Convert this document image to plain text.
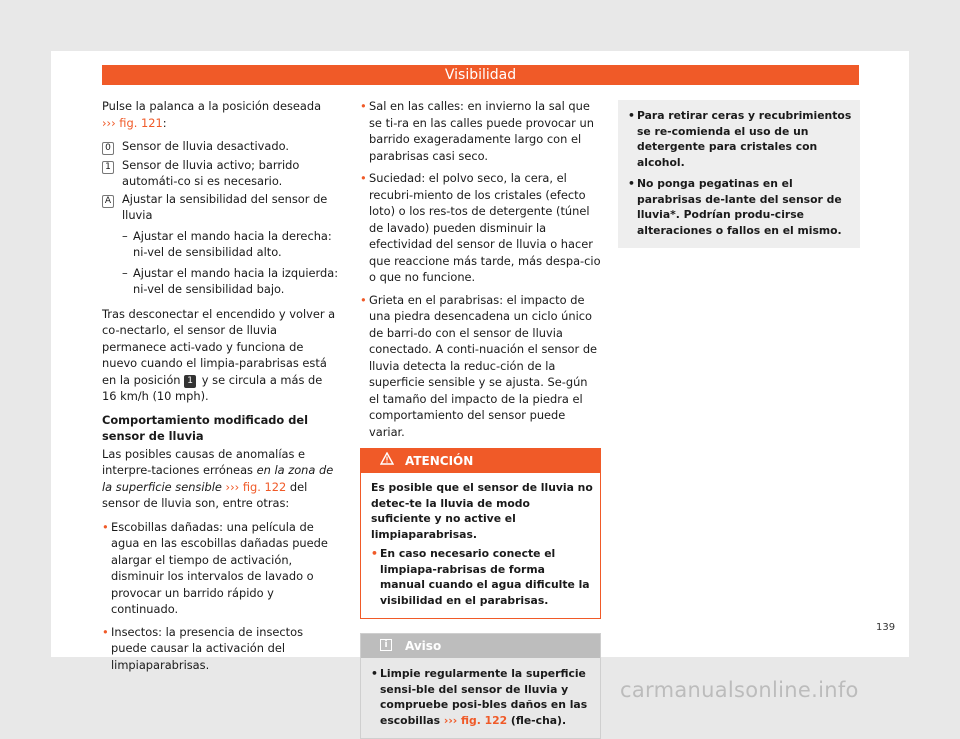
Visibilidad

Pulse la palanca a la posición deseada
››› fig. 121:

0 Sensor de lluvia desactivado.
1 Sensor de lluvia activo; barrido automáti-co si es necesario.
A Ajustar la sensibilidad del sensor de lluvia
– Ajustar el mando hacia la derecha: ni-vel de sensibilidad alto.
– Ajustar el mando hacia la izquierda: ni-vel de sensibilidad bajo.

Tras desconectar el encendido y volver a co-nectarlo, el sensor de lluvia permanece acti-vado y funciona de nuevo cuando el limpia-parabrisas está en la posición 1 y se circula a más de 16 km/h (10 mph).

Comportamiento modificado del sensor de lluvia

Las posibles causas de anomalías e interpre-taciones erróneas en la zona de la superficie sensible ››› fig. 122 del sensor de lluvia son, entre otras:

• Escobillas dañadas: una película de agua en las escobillas dañadas puede alargar el tiempo de activación, disminuir los intervalos de lavado o provocar un barrido rápido y continuado.
• Insectos: la presencia de insectos puede causar la activación del limpiaparabrisas.
• Sal en las calles: en invierno la sal que se ti-ra en las calles puede provocar un barrido exageradamente largo con el parabrisas casi seco.
• Suciedad: el polvo seco, la cera, el recubri-miento de los cristales (efecto loto) o los res-tos de detergente (túnel de lavado) pueden disminuir la efectividad del sensor de lluvia o hacer que reaccione más tarde, más despa-cio o que no funcione.
• Grieta en el parabrisas: el impacto de una piedra desencadena un ciclo único de barri-do con el sensor de lluvia conectado. A conti-nuación el sensor de lluvia detecta la reduc-ción de la superficie sensible y se ajusta. Se-gún el tamaño del impacto de la piedra el comportamiento del sensor puede variar.
ATENCIÓN

Es posible que el sensor de lluvia no detec-te la lluvia de modo suficiente y no active el limpiaparabrisas.

• En caso necesario conecte el limpiapa-rabrisas de forma manual cuando el agua dificulte la visibilidad en el parabrisas.
i	Aviso
• Limpie regularmente la superficie sensi-ble del sensor de lluvia y compruebe posi-bles daños en las escobillas ››› fig. 122 (fle-cha).
• Para retirar ceras y recubrimientos se re-comienda el uso de un detergente para cristales con alcohol.
• No ponga pegatinas en el parabrisas de-lante del sensor de lluvia*. Podrían produ-cirse alteraciones o fallos en el mismo.
139
carmanualsonline.info
